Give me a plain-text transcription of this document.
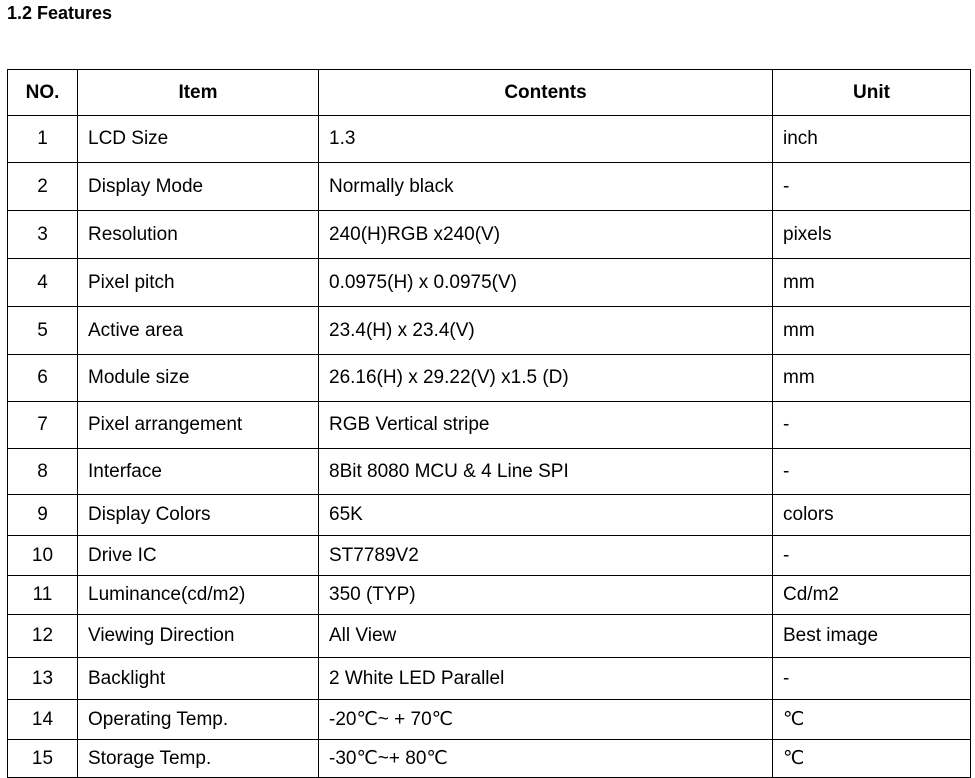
1.2 Features
NO.	Item	Contents	Unit
1	LCD Size	1.3	inch
2	Display Mode	Normally black	-
3	Resolution	240(H)RGB x240(V)	pixels
4	Pixel pitch	0.0975(H) x 0.0975(V)	mm
5	Active area	23.4(H) x 23.4(V)	mm
6	Module size	26.16(H) x 29.22(V) x1.5 (D)	mm
7	Pixel arrangement	RGB Vertical stripe	-
8	Interface	8Bit 8080 MCU & 4 Line SPI	-
9	Display Colors	65K	colors
10	Drive IC	ST7789V2	-
11	Luminance(cd/m2)	350 (TYP)	Cd/m2
12	Viewing Direction	All View	Best image
13	Backlight	2 White LED Parallel	-
14	Operating Temp.	-20℃~ + 70℃	℃
15	Storage Temp.	-30℃~+ 80℃	℃
